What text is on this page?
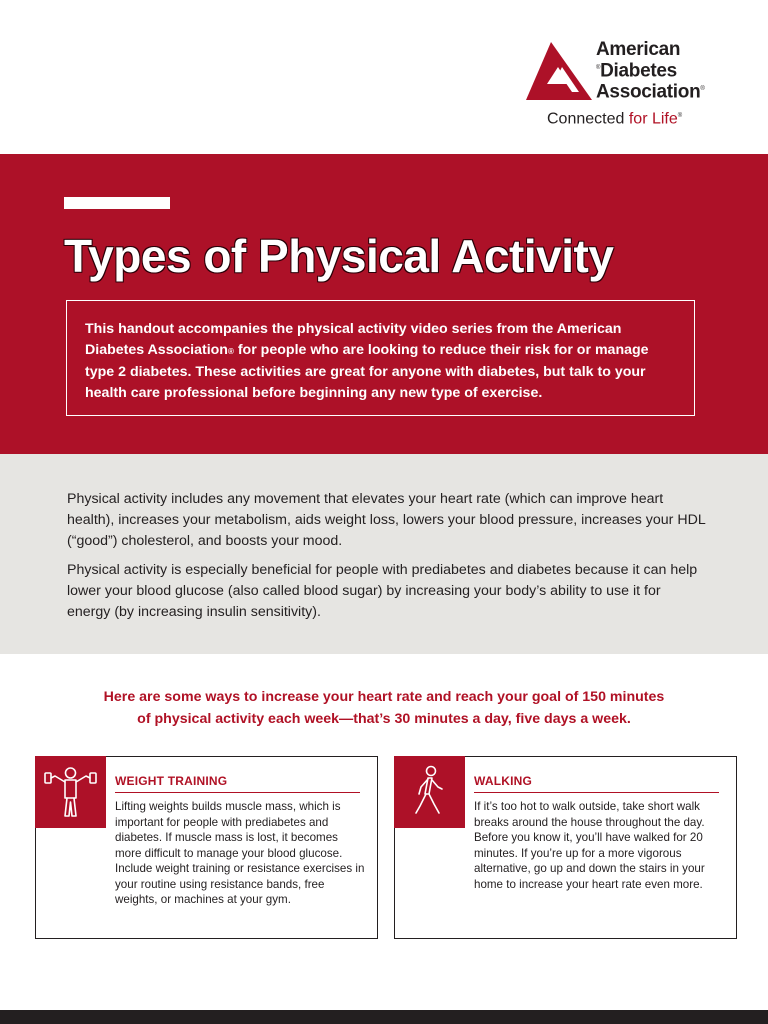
American
®Diabetes
Association®
Connected for Life®
Types of Physical Activity

This handout accompanies the physical activity video series from the American Diabetes Association® for people who are looking to reduce their risk for or manage type 2 diabetes. These activities are great for anyone with diabetes, but talk to your health care professional before beginning any new type of exercise.

Physical activity includes any movement that elevates your heart rate (which can improve heart health), increases your metabolism, aids weight loss, lowers your blood pressure, increases your HDL (“good”) cholesterol, and boosts your mood.

Physical activity is especially beneficial for people with prediabetes and diabetes because it can help lower your blood glucose (also called blood sugar) by increasing your body’s ability to use it for energy (by increasing insulin sensitivity).

Here are some ways to increase your heart rate and reach your goal of 150 minutes
of physical activity each week—that’s 30 minutes a day, five days a week.
WEIGHT TRAINING

Lifting weights builds muscle mass, which is important for people with prediabetes and diabetes. If muscle mass is lost, it becomes more difficult to manage your blood glucose. Include weight training or resistance exercises in your routine using resistance bands, free weights, or machines at your gym.

WALKING

If it’s too hot to walk outside, take short walk breaks around the house throughout the day. Before you know it, you’ll have walked for 20 minutes. If you’re up for a more vigorous alternative, go up and down the stairs in your home to increase your heart rate even more.
